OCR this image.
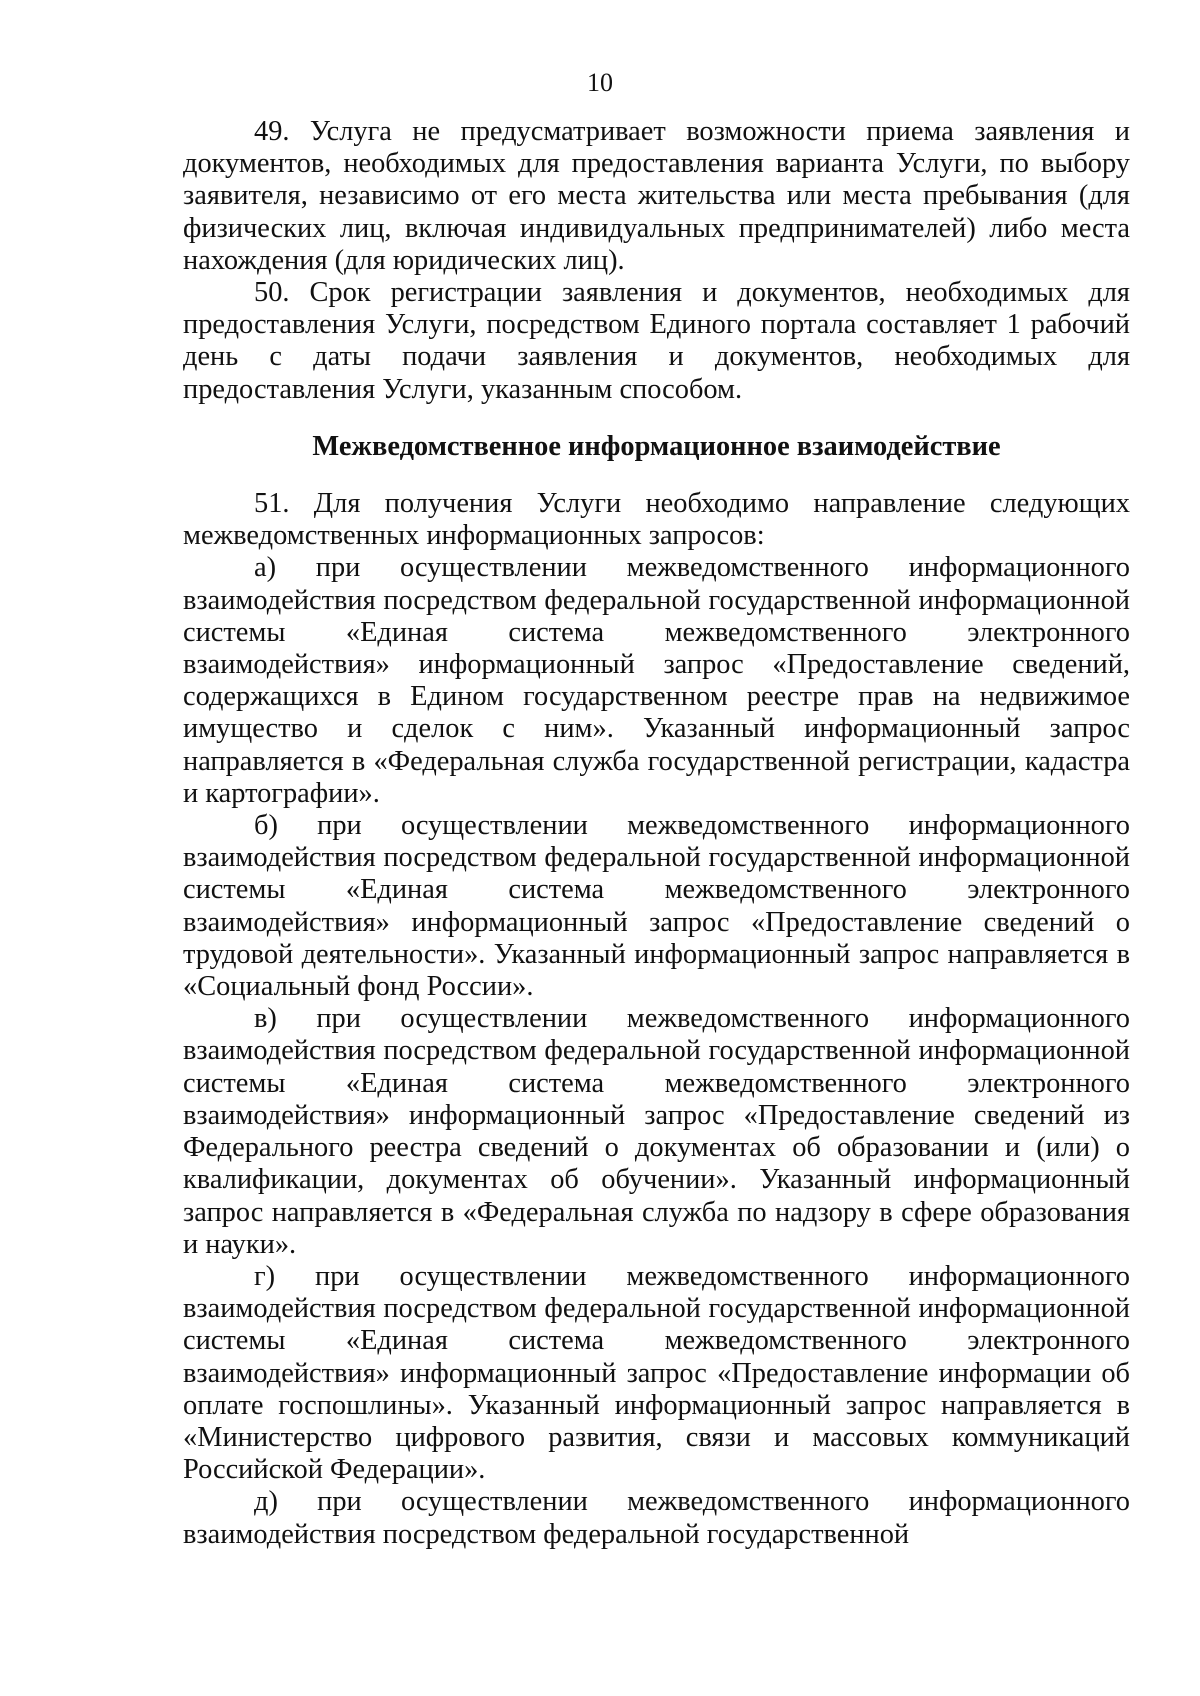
10

49. Услуга не предусматривает возможности приема заявления и документов, необходимых для предоставления варианта Услуги, по выбору заявителя, независимо от его места жительства или места пребывания (для физических лиц, включая индивидуальных предпринимателей) либо места нахождения (для юридических лиц).

50. Срок регистрации заявления и документов, необходимых для предоставления Услуги, посредством Единого портала составляет 1 рабочий день с даты подачи заявления и документов, необходимых для предоставления Услуги, указанным способом.

Межведомственное информационное взаимодействие

51. Для получения Услуги необходимо направление следующих межведомственных информационных запросов:

а) при осуществлении межведомственного информационного взаимодействия посредством федеральной государственной информационной системы «Единая система межведомственного электронного взаимодействия» информационный запрос «Предоставление сведений, содержащихся в Едином государственном реестре прав на недвижимое имущество и сделок с ним». Указанный информационный запрос направляется в «Федеральная служба государственной регистрации, кадастра и картографии».

б) при осуществлении межведомственного информационного взаимодействия посредством федеральной государственной информационной системы «Единая система межведомственного электронного взаимодействия» информационный запрос «Предоставление сведений о трудовой деятельности». Указанный информационный запрос направляется в «Социальный фонд России».

в) при осуществлении межведомственного информационного взаимодействия посредством федеральной государственной информационной системы «Единая система межведомственного электронного взаимодействия» информационный запрос «Предоставление сведений из Федерального реестра сведений о документах об образовании и (или) о квалификации, документах об обучении». Указанный информационный запрос направляется в «Федеральная служба по надзору в сфере образования и науки».

г) при осуществлении межведомственного информационного взаимодействия посредством федеральной государственной информационной системы «Единая система межведомственного электронного взаимодействия» информационный запрос «Предоставление информации об оплате госпошлины». Указанный информационный запрос направляется в «Министерство цифрового развития, связи и массовых коммуникаций Российской Федерации».

д) при осуществлении межведомственного информационного взаимодействия посредством федеральной государственной
